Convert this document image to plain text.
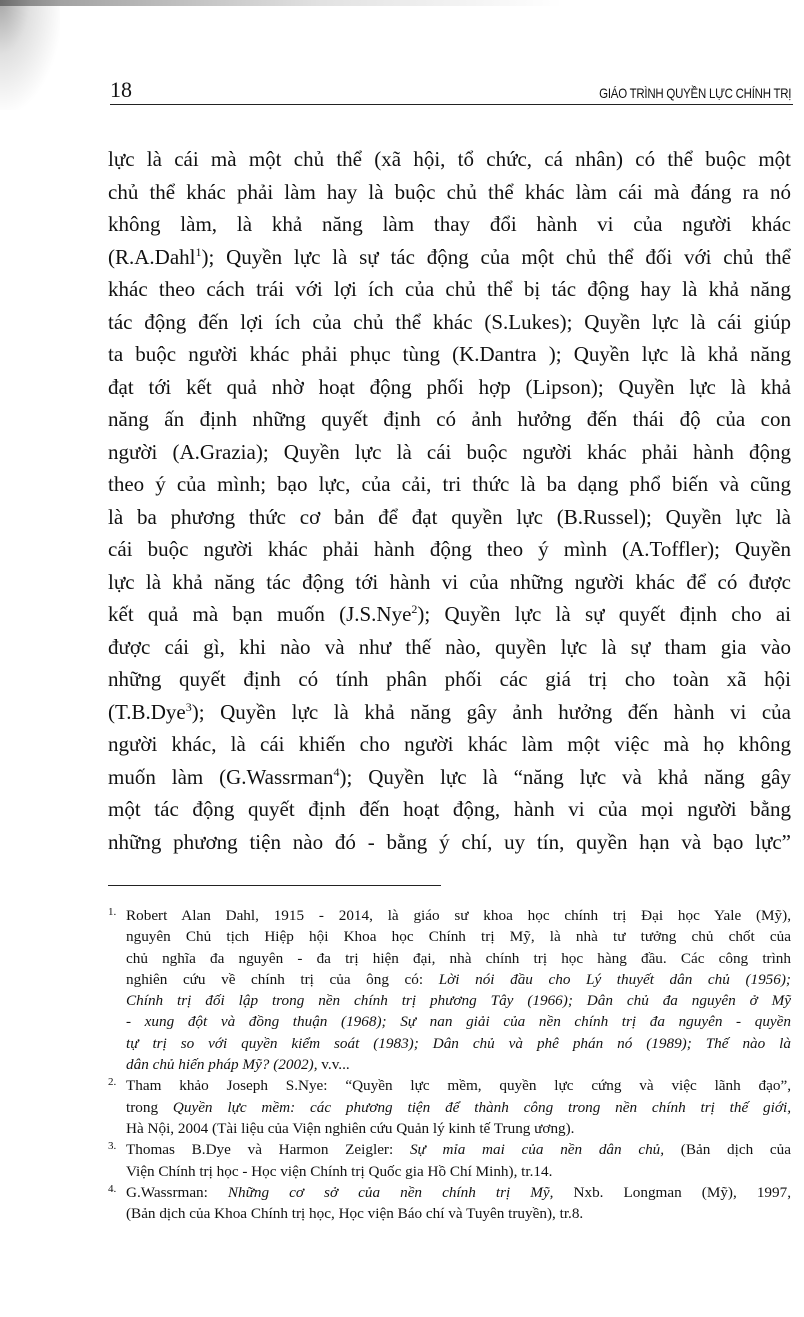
18	GIÁO TRÌNH QUYỀN LỰC CHÍNH TRỊ
lực là cái mà một chủ thể (xã hội, tổ chức, cá nhân) có thể buộc một
chủ thể khác phải làm hay là buộc chủ thể khác làm cái mà đáng ra nó
không làm, là khả năng làm thay đổi hành vi của người khác
(R.A.Dahl$^1$); Quyền lực là sự tác động của một chủ thể đối với chủ thể
khác theo cách trái với lợi ích của chủ thể bị tác động hay là khả năng
tác động đến lợi ích của chủ thể khác (S.Lukes); Quyền lực là cái giúp
ta buộc người khác phải phục tùng (K.Dantra ); Quyền lực là khả năng
đạt tới kết quả nhờ hoạt động phối hợp (Lipson); Quyền lực là khả
năng ấn định những quyết định có ảnh hưởng đến thái độ của con
người (A.Grazia); Quyền lực là cái buộc người khác phải hành động
theo ý của mình; bạo lực, của cải, tri thức là ba dạng phổ biến và cũng
là ba phương thức cơ bản để đạt quyền lực (B.Russel); Quyền lực là
cái buộc người khác phải hành động theo ý mình (A.Toffler); Quyền
lực là khả năng tác động tới hành vi của những người khác để có được
kết quả mà bạn muốn (J.S.Nye$^2$); Quyền lực là sự quyết định cho ai
được cái gì, khi nào và như thế nào, quyền lực là sự tham gia vào
những quyết định có tính phân phối các giá trị cho toàn xã hội
(T.B.Dye$^3$); Quyền lực là khả năng gây ảnh hưởng đến hành vi của
người khác, là cái khiến cho người khác làm một việc mà họ không
muốn làm (G.Wassrman$^4$); Quyền lực là “năng lực và khả năng gây
một tác động quyết định đến hoạt động, hành vi của mọi người bằng
những phương tiện nào đó - bằng ý chí, uy tín, quyền hạn và bạo lực”
1. Robert Alan Dahl, 1915 - 2014, là giáo sư khoa học chính trị Đại học Yale (Mỹ),
nguyên Chủ tịch Hiệp hội Khoa học Chính trị Mỹ, là nhà tư tưởng chủ chốt của
chủ nghĩa đa nguyên - đa trị hiện đại, nhà chính trị học hàng đầu. Các công trình
nghiên cứu về chính trị của ông có: Lời nói đầu cho Lý thuyết dân chủ (1956);
Chính trị đối lập trong nền chính trị phương Tây (1966); Dân chủ đa nguyên ở Mỹ
- xung đột và đồng thuận (1968); Sự nan giải của nền chính trị đa nguyên - quyền
tự trị so với quyền kiểm soát (1983); Dân chủ và phê phán nó (1989); Thế nào là
dân chủ hiến pháp Mỹ? (2002), v.v...
2. Tham khảo Joseph S.Nye: “Quyền lực mềm, quyền lực cứng và việc lãnh đạo”,
trong Quyền lực mềm: các phương tiện để thành công trong nền chính trị thế giới,
Hà Nội, 2004 (Tài liệu của Viện nghiên cứu Quản lý kinh tế Trung ương).
3. Thomas B.Dye và Harmon Zeigler: Sự mỉa mai của nền dân chủ, (Bản dịch của
Viện Chính trị học - Học viện Chính trị Quốc gia Hồ Chí Minh), tr.14.
4. G.Wassrman: Những cơ sở của nền chính trị Mỹ, Nxb. Longman (Mỹ), 1997,
(Bản dịch của Khoa Chính trị học, Học viện Báo chí và Tuyên truyền), tr.8.
